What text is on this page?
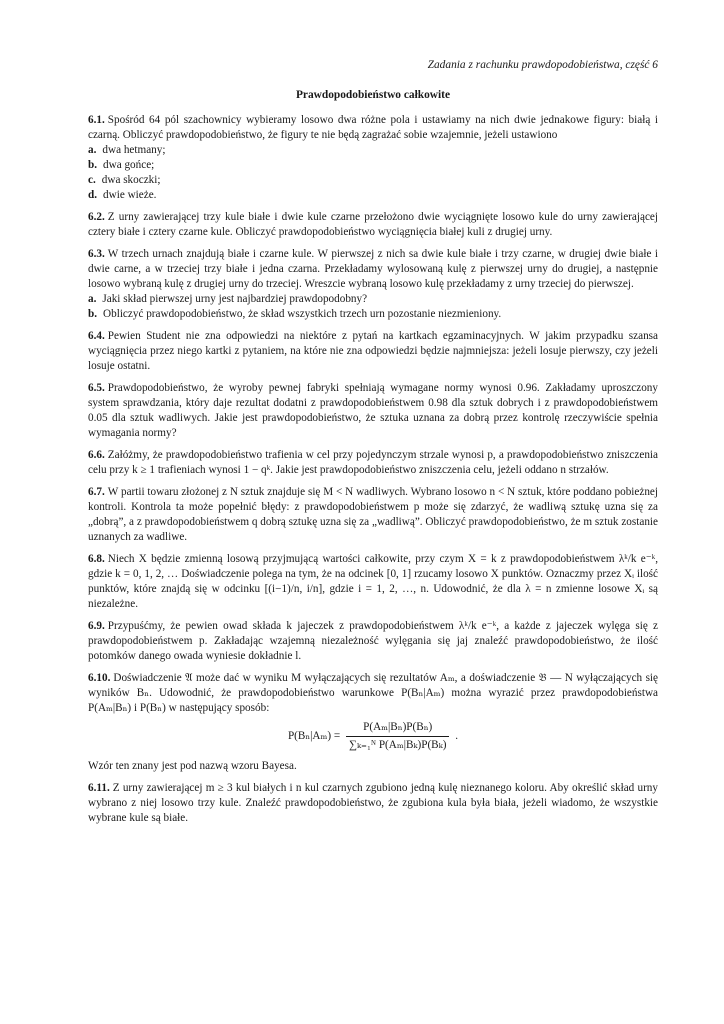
Zadania z rachunku prawdopodobieństwa, część 6
Prawdopodobieństwo całkowite

6.1. Spośród 64 pól szachownicy wybieramy losowo dwa różne pola i ustawiamy na nich dwie jednakowe figury: białą i czarną. Obliczyć prawdopodobieństwo, że figury te nie będą zagrażać sobie wzajemnie, jeżeli ustawiono

a. dwa hetmany;

b. dwa gońce;

c. dwa skoczki;

d. dwie wieże.

6.2. Z urny zawierającej trzy kule białe i dwie kule czarne przełożono dwie wyciągnięte losowo kule do urny zawierającej cztery białe i cztery czarne kule. Obliczyć prawdopodobieństwo wyciągnięcia białej kuli z drugiej urny.

6.3. W trzech urnach znajdują białe i czarne kule. W pierwszej z nich sa dwie kule białe i trzy czarne, w drugiej dwie białe i dwie carne, a w trzeciej trzy białe i jedna czarna. Przekładamy wylosowaną kulę z pierwszej urny do drugiej, a następnie losowo wybraną kulę z drugiej urny do trzeciej. Wreszcie wybraną losowo kulę przekładamy z urny trzeciej do pierwszej.

a. Jaki skład pierwszej urny jest najbardziej prawdopodobny?

b. Obliczyć prawdopodobieństwo, że skład wszystkich trzech urn pozostanie niezmieniony.

6.4. Pewien Student nie zna odpowiedzi na niektóre z pytań na kartkach egzaminacyjnych. W jakim przypadku szansa wyciągnięcia przez niego kartki z pytaniem, na które nie zna odpowiedzi będzie najmniejsza: jeżeli losuje pierwszy, czy jeżeli losuje ostatni.

6.5. Prawdopodobieństwo, że wyroby pewnej fabryki spełniają wymagane normy wynosi 0.96. Zakładamy uproszczony system sprawdzania, który daje rezultat dodatni z prawdopodobieństwem 0.98 dla sztuk dobrych i z prawdopodobieństwem 0.05 dla sztuk wadliwych. Jakie jest prawdopodobieństwo, że sztuka uznana za dobrą przez kontrolę rzeczywiście spełnia wymagania normy?

6.6. Załóżmy, że prawdopodobieństwo trafienia w cel przy pojedynczym strzale wynosi p, a prawdopodobieństwo zniszczenia celu przy k ≥ 1 trafieniach wynosi 1 − qᵏ. Jakie jest prawdopodobieństwo zniszczenia celu, jeżeli oddano n strzałów.

6.7. W partii towaru złożonej z N sztuk znajduje się M < N wadliwych. Wybrano losowo n < N sztuk, które poddano pobieżnej kontroli. Kontrola ta może popełnić błędy: z prawdopodobieństwem p może się zdarzyć, że wadliwą sztukę uzna się za „dobrą”, a z prawdopodobieństwem q dobrą sztukę uzna się za „wadliwą”. Obliczyć prawdopodobieństwo, że m sztuk zostanie uznanych za wadliwe.

6.8. Niech X będzie zmienną losową przyjmującą wartości całkowite, przy czym X = k z prawdopodobieństwem λᵏ/k e⁻ᵏ, gdzie k = 0, 1, 2, … Doświadczenie polega na tym, że na odcinek [0, 1] rzucamy losowo X punktów. Oznaczmy przez Xᵢ ilość punktów, które znajdą się w odcinku [(i−1)/n, i/n], gdzie i = 1, 2, …, n. Udowodnić, że dla λ = n zmienne losowe Xᵢ są niezależne.

6.9. Przypuśćmy, że pewien owad składa k jajeczek z prawdopodobieństwem λᵏ/k e⁻ᵏ, a każde z jajeczek wylęga się z prawdopodobieństwem p. Zakładając wzajemną niezależność wylęgania się jaj znaleźć prawdopodobieństwo, że ilość potomków danego owada wyniesie dokładnie l.

6.10. Doświadczenie 𝔄 może dać w wyniku M wyłączających się rezultatów Aₘ, a doświadczenie 𝔅 — N wyłączających się wyników Bₙ. Udowodnić, że prawdopodobieństwo warunkowe P(Bₙ|Aₘ) można wyrazić przez prawdopodobieństwa P(Aₘ|Bₙ) i P(Bₙ) w następujący sposób:

$P(B_n|A_m) = \frac{\text{P(Aₘ|Bₙ)P(Bₙ)}}{\text{∑ₖ₌₁ᴺ P(Aₘ|Bₖ)P(Bₖ)}}$ .

Wzór ten znany jest pod nazwą wzoru Bayesa.

6.11. Z urny zawierającej m ≥ 3 kul białych i n kul czarnych zgubiono jedną kulę nieznanego koloru. Aby określić skład urny wybrano z niej losowo trzy kule. Znaleźć prawdopodobieństwo, że zgubiona kula była biała, jeżeli wiadomo, że wszystkie wybrane kule są białe.
